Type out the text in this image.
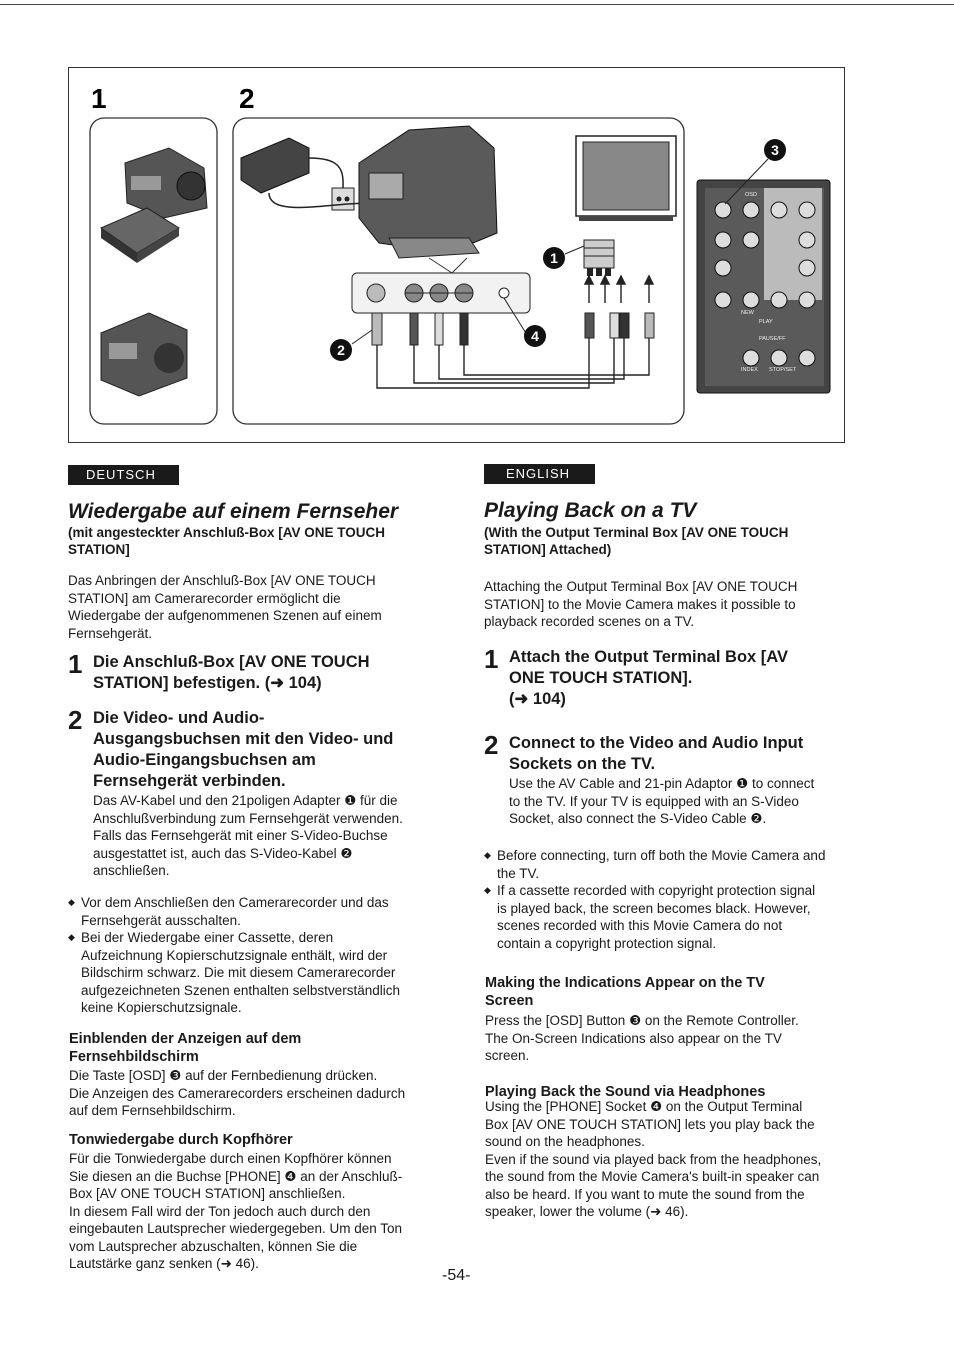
1	2
1
2
4
PLAY
NEW
PAUSE/FF
INDEX STOP/SET
OSD
3
DEUTSCH
Wiedergabe auf einem Fernseher
(mit angesteckter Anschluß-Box [AV ONE TOUCH
STATION]
Das Anbringen der Anschluß-Box [AV ONE TOUCH
STATION] am Camerarecorder ermöglicht die
Wiedergabe der aufgenommenen Szenen auf einem
Fernsehgerät.
1 Die Anschluß-Box [AV ONE TOUCH
STATION] befestigen. (➜ 104)
2 Die Video- und Audio-
Ausgangsbuchsen mit den Video- und
Audio-Eingangsbuchsen am
Fernsehgerät verbinden.
Das AV-Kabel und den 21poligen Adapter ❶ für die
Anschlußverbindung zum Fernsehgerät verwenden.
Falls das Fernsehgerät mit einer S-Video-Buchse
ausgestattet ist, auch das S-Video-Kabel ❷
anschließen.
◆ Vor dem Anschließen den Camerarecorder und das
Fernsehgerät ausschalten.
◆ Bei der Wiedergabe einer Cassette, deren
Aufzeichnung Kopierschutzsignale enthält, wird der
Bildschirm schwarz. Die mit diesem Camerarecorder
aufgezeichneten Szenen enthalten selbstverständlich
keine Kopierschutzsignale.
Einblenden der Anzeigen auf dem
Fernsehbildschirm
Die Taste [OSD] ❸ auf der Fernbedienung drücken.
Die Anzeigen des Camerarecorders erscheinen dadurch
auf dem Fernsehbildschirm.
Tonwiedergabe durch Kopfhörer
Für die Tonwiedergabe durch einen Kopfhörer können
Sie diesen an die Buchse [PHONE] ❹ an der Anschluß-
Box [AV ONE TOUCH STATION] anschließen.
In diesem Fall wird der Ton jedoch auch durch den
eingebauten Lautsprecher wiedergegeben. Um den Ton
vom Lautsprecher abzuschalten, können Sie die
Lautstärke ganz senken (➜ 46).
ENGLISH
Playing Back on a TV
(With the Output Terminal Box [AV ONE TOUCH
STATION] Attached)
Attaching the Output Terminal Box [AV ONE TOUCH
STATION] to the Movie Camera makes it possible to
playback recorded scenes on a TV.
1 Attach the Output Terminal Box [AV
ONE TOUCH STATION].
(➜ 104)
2 Connect to the Video and Audio Input
Sockets on the TV.
Use the AV Cable and 21-pin Adaptor ❶ to connect
to the TV. If your TV is equipped with an S-Video
Socket, also connect the S-Video Cable ❷.
◆ Before connecting, turn off both the Movie Camera and
the TV.
◆ If a cassette recorded with copyright protection signal
is played back, the screen becomes black. However,
scenes recorded with this Movie Camera do not
contain a copyright protection signal.
Making the Indications Appear on the TV
Screen
Press the [OSD] Button ❸ on the Remote Controller.
The On-Screen Indications also appear on the TV
screen.
Playing Back the Sound via Headphones
Using the [PHONE] Socket ❹ on the Output Terminal
Box [AV ONE TOUCH STATION] lets you play back the
sound on the headphones.
Even if the sound via played back from the headphones,
the sound from the Movie Camera's built-in speaker can
also be heard. If you want to mute the sound from the
speaker, lower the volume (➜ 46).
-54-
